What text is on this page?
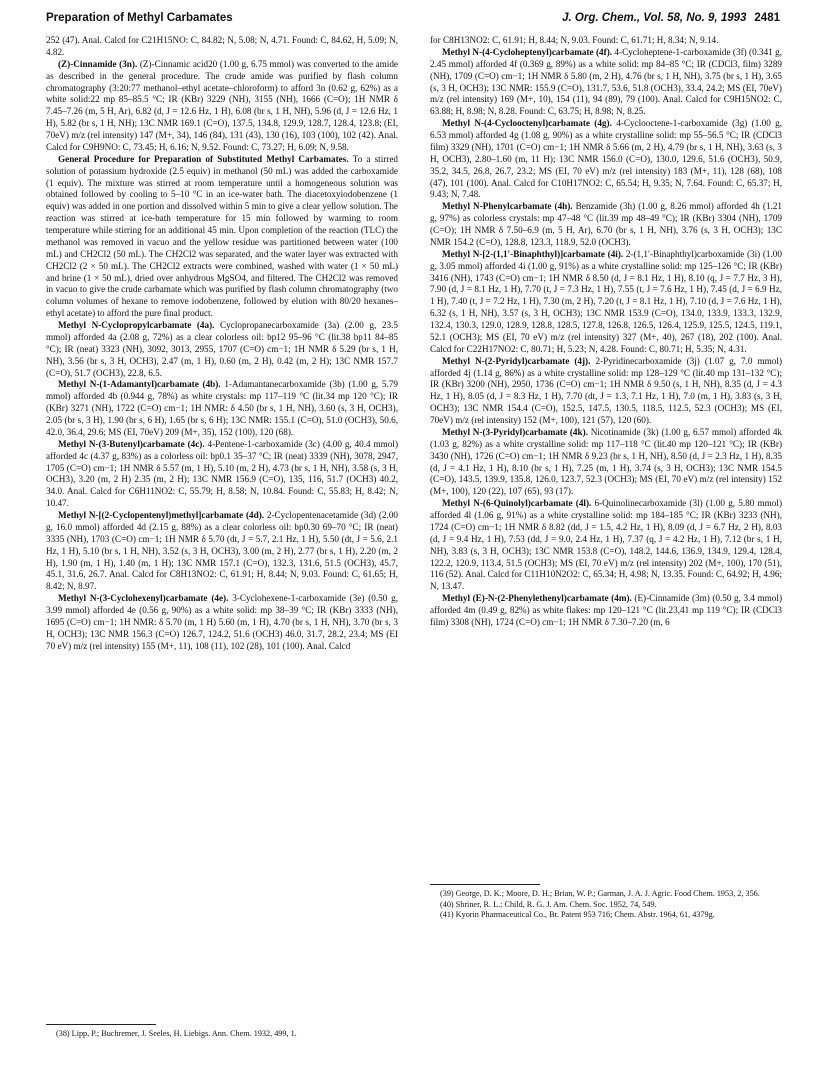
Preparation of Methyl Carbamates	J. Org. Chem., Vol. 58, No. 9, 1993 2481

252 (47). Anal. Calcd for C21H15NO: C, 84.82; N, 5.08; N, 4.71. Found: C, 84.62, H, 5.09; N, 4.82.

(Z)-Cinnamide (3n). (Z)-Cinnamic acid20 (1.00 g, 6.75 mmol) was converted to the amide as described in the general procedure. The crude amide was purified by flash column chromatography (3:20:77 methanol–ethyl acetate–chloroform) to afford 3n (0.62 g, 62%) as a white solid:22 mp 85–85.5 °C; IR (KBr) 3229 (NH), 3155 (NH), 1666 (C=O); 1H NMR δ 7.45–7.26 (m, 5 H, Ar), 6.82 (d, J = 12.6 Hz, 1 H), 6.08 (br s, 1 H, NH), 5.96 (d, J = 12.6 Hz, 1 H), 5.82 (br s, 1 H, NH); 13C NMR 169.1 (C=O), 137.5, 134.8, 129.9, 128.7, 128.4, 123.8; (EI, 70eV) m/z (rel intensity) 147 (M+, 34), 146 (84), 131 (43), 130 (16), 103 (100), 102 (42). Anal. Calcd for C9H9NO: C, 73.45; H, 6.16; N, 9.52. Found: C, 73.27; H, 6.09; N, 9.58.

General Procedure for Preparation of Substituted Methyl Carbamates. To a stirred solution of potassium hydroxide (2.5 equiv) in methanol (50 mL) was added the carboxamide (1 equiv). The mixture was stirred at room temperature until a homogeneous solution was obtained followed by cooling to 5–10 °C in an ice-water bath. The diacetoxyiodobenzene (1 equiv) was added in one portion and dissolved within 5 min to give a clear yellow solution. The reaction was stirred at ice-bath temperature for 15 min followed by warming to room temperature while stirring for an additional 45 min. Upon completion of the reaction (TLC) the methanol was removed in vacuo and the yellow residue was partitioned between water (100 mL) and CH2Cl2 (50 mL). The CH2Cl2 was separated, and the water layer was extracted with CH2Cl2 (2 × 50 mL). The CH2Cl2 extracts were combined, washed with water (1 × 50 mL) and brine (1 × 50 mL), dried over anhydrous MgSO4, and filtered. The CH2Cl2 was removed in vacuo to give the crude carbamate which was purified by flash column chromatography (two column volumes of hexane to remove iodobenzene, followed by elution with 80/20 hexanes–ethyl acetate) to afford the pure final product.

Methyl N-Cyclopropylcarbamate (4a). Cyclopropanecarboxamide (3a) (2.00 g, 23.5 mmol) afforded 4a (2.08 g, 72%) as a clear colorless oil: bp12 95–96 °C (lit.38 bp11 84–85 °C); IR (neat) 3323 (NH), 3092, 3013, 2955, 1707 (C=O) cm−1; 1H NMR δ 5.29 (br s, 1 H, NH), 3.56 (br s, 3 H, OCH3), 2.47 (m, 1 H), 0.60 (m, 2 H), 0.42 (m, 2 H); 13C NMR 157.7 (C=O), 51.7 (OCH3), 22.8, 6.5.

Methyl N-(1-Adamantyl)carbamate (4b). 1-Adamantanecarboxamide (3b) (1.00 g, 5.79 mmol) afforded 4b (0.944 g, 78%) as white crystals: mp 117–119 °C (lit.34 mp 120 °C); IR (KBr) 3271 (NH), 1722 (C=O) cm−1; 1H NMR: δ 4.50 (br s, 1 H, NH), 3.60 (s, 3 H, OCH3), 2.05 (br s, 3 H), 1.90 (br s, 6 H), 1.65 (br s, 6 H); 13C NMR: 155.1 (C=O), 51.0 (OCH3), 50.6, 42.0, 36.4, 29.6; MS (EI, 70eV) 209 (M+, 35), 152 (100), 120 (68).

Methyl N-(3-Butenyl)carbamate (4c). 4-Pentene-1-carboxamide (3c) (4.00 g, 40.4 mmol) afforded 4c (4.37 g, 83%) as a colorless oil: bp0.1 35–37 °C; IR (neat) 3339 (NH), 3078, 2947, 1705 (C=O) cm−1; 1H NMR δ 5.57 (m, 1 H), 5.10 (m, 2 H), 4.73 (br s, 1 H, NH), 3.58 (s, 3 H, OCH3), 3.20 (m, 2 H) 2.35 (m, 2 H); 13C NMR 156.9 (C=O), 135, 116, 51.7 (OCH3) 40.2, 34.0. Anal. Calcd for C6H11NO2: C, 55.79; H, 8.58; N, 10.84. Found: C, 55.83; H, 8.42; N, 10.47.

Methyl N-[(2-Cyclopentenyl)methyl]carbamate (4d). 2-Cyclopentenacetamide (3d) (2.00 g, 16.0 mmol) afforded 4d (2.15 g, 88%) as a clear colorless oil: bp0.30 69–70 °C; IR (neat) 3335 (NH), 1703 (C=O) cm−1; 1H NMR δ 5.70 (dt, J = 5.7, 2.1 Hz, 1 H), 5.50 (dt, J = 5.6, 2.1 Hz, 1 H), 5.10 (br s, 1 H, NH), 3.52 (s, 3 H, OCH3), 3.00 (m, 2 H), 2.77 (br s, 1 H), 2.20 (m, 2 H), 1.90 (m, 1 H), 1.40 (m, 1 H); 13C NMR 157.1 (C=O), 132.3, 131.6, 51.5 (OCH3), 45.7, 45.1, 31.6, 26.7. Anal. Calcd for C8H13NO2: C, 61.91; H, 8.44; N, 9.03. Found: C, 61.65; H, 8.42; N, 8.97.

Methyl N-(3-Cyclohexenyl)carbamate (4e). 3-Cyclohexene-1-carboxamide (3e) (0.50 g, 3.99 mmol) afforded 4e (0.56 g, 90%) as a white solid: mp 38–39 °C; IR (KBr) 3333 (NH), 1695 (C=O) cm−1; 1H NMR: δ 5.70 (m, 1 H) 5.60 (m, 1 H), 4.70 (br s, 1 H, NH), 3.70 (br s, 3 H, OCH3); 13C NMR 156.3 (C=O) 126.7, 124.2, 51.6 (OCH3) 46.0, 31.7, 28.2, 23.4; MS (EI 70 eV) m/z (rel intensity) 155 (M+, 11), 108 (11), 102 (28), 101 (100). Anal. Calcd

for C8H13NO2: C, 61.91; H, 8.44; N, 9.03. Found: C, 61.71; H, 8.34; N, 9.14.

Methyl N-(4-Cycloheptenyl)carbamate (4f). 4-Cycloheptene-1-carboxamide (3f) (0.341 g, 2.45 mmol) afforded 4f (0.369 g, 89%) as a white solid: mp 84–85 °C; IR (CDCl3, film) 3289 (NH), 1709 (C=O) cm−1; 1H NMR δ 5.80 (m, 2 H), 4.76 (br s, 1 H, NH), 3.75 (br s, 1 H), 3.65 (s, 3 H, OCH3); 13C NMR: 155.9 (C=O), 131.7, 53.6, 51.8 (OCH3), 33.4, 24.2; MS (EI, 70eV) m/z (rel intensity) 169 (M+, 10), 154 (11), 94 (89), 79 (100). Anal. Calcd for C9H15NO2: C, 63.88; H, 8.98; N, 8.28. Found: C, 63.75; H, 8.98; N, 8.25.

Methyl N-(4-Cyclooctenyl)carbamate (4g). 4-Cyclooctene-1-carboxamide (3g) (1.00 g, 6.53 mmol) afforded 4g (1.08 g, 90%) as a white crystalline solid: mp 55–56.5 °C; IR (CDCl3 film) 3329 (NH), 1701 (C=O) cm−1; 1H NMR δ 5.66 (m, 2 H), 4.79 (br s, 1 H, NH), 3.63 (s, 3 H, OCH3), 2.80–1.60 (m, 11 H); 13C NMR 156.0 (C=O), 130.0, 129.6, 51.6 (OCH3), 50.9, 35.2, 34.5, 26.8, 26.7, 23.2; MS (EI, 70 eV) m/z (rel intensity) 183 (M+, 11), 128 (68), 108 (47), 101 (100). Anal. Calcd for C10H17NO2: C, 65.54; H, 9.35; N, 7.64. Found: C, 65.37; H, 9.43; N, 7.48.

Methyl N-Phenylcarbamate (4h). Benzamide (3h) (1.00 g, 8.26 mmol) afforded 4h (1.21 g, 97%) as colorless crystals: mp 47–48 °C (lit.39 mp 48–49 °C); IR (KBr) 3304 (NH), 1709 (C=O); 1H NMR δ 7.50–6.9 (m, 5 H, Ar), 6.70 (br s, 1 H, NH), 3.76 (s, 3 H, OCH3); 13C NMR 154.2 (C=O), 128.8, 123.3, 118.9, 52.0 (OCH3).

Methyl N-[2-(1,1′-Binaphthyl)]carbamate (4i). 2-(1,1′-Binaphthyl)carboxamide (3i) (1.00 g, 3.05 mmol) afforded 4i (1.00 g, 91%) as a white crystalline solid: mp 125–126 °C; IR (KBr) 3416 (NH), 1743 (C=O) cm−1; 1H NMR δ 8.50 (d, J = 8.1 Hz, 1 H), 8.10 (q, J = 7.7 Hz, 3 H), 7.90 (d, J = 8.1 Hz, 1 H), 7.70 (t, J = 7.3 Hz, 1 H), 7.55 (t, J = 7.6 Hz, 1 H), 7.45 (d, J = 6.9 Hz, 1 H), 7.40 (t, J = 7.2 Hz, 1 H), 7.30 (m, 2 H), 7.20 (t, J = 8.1 Hz, 1 H), 7.10 (d, J = 7.6 Hz, 1 H), 6.32 (s, 1 H, NH), 3.57 (s, 3 H, OCH3); 13C NMR 153.9 (C=O), 134.0, 133.9, 133.3, 132.9, 132.4, 130.3, 129.0, 128.9, 128.8, 128.5, 127.8, 126.8, 126.5, 126.4, 125.9, 125.5, 124.5, 119.1, 52.1 (OCH3); MS (EI, 70 eV) m/z (rel intensity) 327 (M+, 40), 267 (18), 202 (100). Anal. Calcd for C22H17NO2: C, 80.71; H, 5.23; N, 4.28. Found: C, 80.71; H, 5.35; N, 4.31.

Methyl N-(2-Pyridyl)carbamate (4j). 2-Pyridinecarboxamide (3j) (1.07 g, 7.0 mmol) afforded 4j (1.14 g, 86%) as a white crystalline solid: mp 128–129 °C (lit.40 mp 131–132 °C); IR (KBr) 3200 (NH), 2950, 1736 (C=O) cm−1; 1H NMR δ 9.50 (s, 1 H, NH), 8.35 (d, J = 4.3 Hz, 1 H), 8.05 (d, J = 8.3 Hz, 1 H), 7.70 (dt, J = 1.3, 7.1 Hz, 1 H), 7.0 (m, 1 H), 3.83 (s, 3 H, OCH3); 13C NMR 154.4 (C=O), 152.5, 147.5, 130.5, 118.5, 112.5, 52.3 (OCH3); MS (EI, 70eV) m/z (rel intensity) 152 (M+, 100), 121 (57), 120 (60).

Methyl N-(3-Pyridyl)carbamate (4k). Nicotinamide (3k) (1.00 g, 6.57 mmol) afforded 4k (1.03 g, 82%) as a white crystalline solid: mp 117–118 °C (lit.40 mp 120–121 °C); IR (KBr) 3430 (NH), 1726 (C=O) cm−1; 1H NMR δ 9.23 (br s, 1 H, NH), 8.50 (d, J = 2.3 Hz, 1 H), 8.35 (d, J = 4.1 Hz, 1 H), 8.10 (br s, 1 H), 7.25 (m, 1 H), 3.74 (s, 3 H, OCH3); 13C NMR 154.5 (C=O), 143.5, 139.9, 135.8, 126.0, 123.7, 52.3 (OCH3); MS (EI, 70 eV) m/z (rel intensity) 152 (M+, 100), 120 (22), 107 (65), 93 (17).

Methyl N-(6-Quinolyl)carbamate (4l). 6-Quinolinecarboxamide (3l) (1.00 g, 5.80 mmol) afforded 4l (1.06 g, 91%) as a white crystalline solid: mp 184–185 °C; IR (KBr) 3233 (NH), 1724 (C=O) cm−1; 1H NMR δ 8.82 (dd, J = 1.5, 4.2 Hz, 1 H), 8.09 (d, J = 6.7 Hz, 2 H), 8.03 (d, J = 9.4 Hz, 1 H), 7.53 (dd, J = 9.0, 2.4 Hz, 1 H), 7.37 (q, J = 4.2 Hz, 1 H), 7.12 (br s, 1 H, NH), 3.83 (s, 3 H, OCH3); 13C NMR 153.8 (C=O), 148.2, 144.6, 136.9, 134.9, 129.4, 128.4, 122.2, 120.9, 113.4, 51.5 (OCH3); MS (EI, 70 eV) m/z (rel intensity) 202 (M+, 100), 170 (51), 116 (52). Anal. Calcd for C11H10N2O2: C, 65.34; H, 4.98; N, 13.35. Found: C, 64.92; H, 4.96; N, 13.47.

Methyl (E)-N-(2-Phenylethenyl)carbamate (4m). (E)-Cinnamide (3m) (0.50 g, 3.4 mmol) afforded 4m (0.49 g, 82%) as white flakes: mp 120–121 °C (lit.23,41 mp 119 °C); IR (CDCl3 film) 3308 (NH), 1724 (C=O) cm−1; 1H NMR δ 7.30–7.20 (m, 6

(38) Lipp, P.; Buchremer, J. Seeles, H. Liebigs. Ann. Chem. 1932, 499, 1.
(39) George, D. K.; Moore, D. H.; Brian, W. P.; Garman, J. A. J. Agric. Food Chem. 1953, 2, 356.
(40) Shriner, R. L.; Child, R. G. J. Am. Chem. Soc. 1952, 74, 549.
(41) Kyorin Pharmaceutical Co., Br. Patent 953 716; Chem. Abstr. 1964, 61, 4379g.
